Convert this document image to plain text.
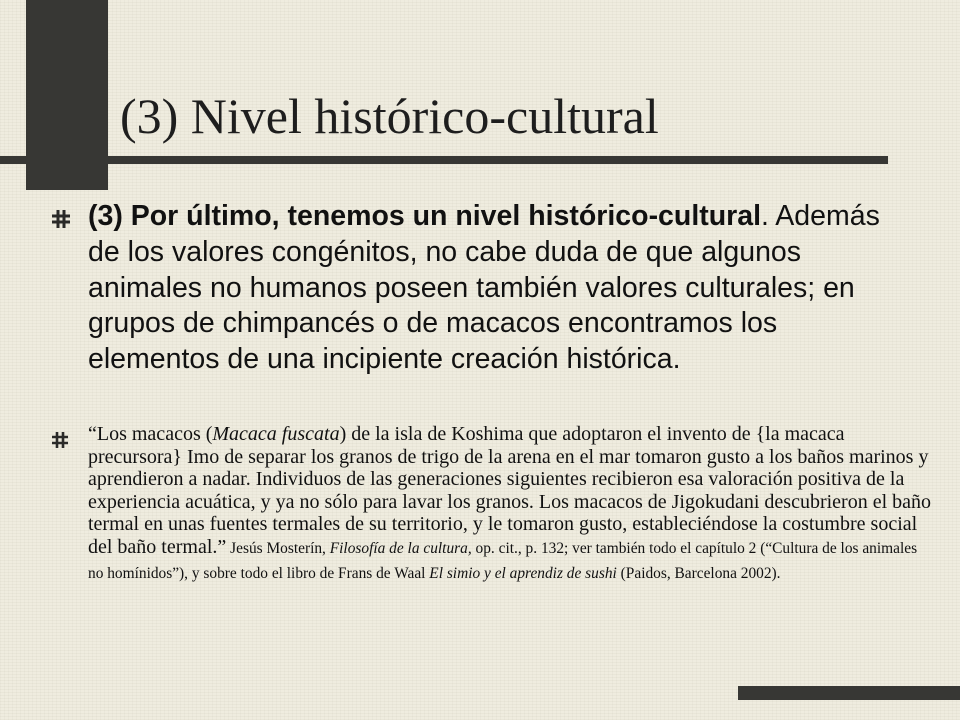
(3) Nivel histórico-cultural

(3) Por último, tenemos un nivel histórico-cultural. Además de los valores congénitos, no cabe duda de que algunos animales no humanos poseen también valores culturales; en grupos de chimpancés o de macacos encontramos los elementos de una incipiente creación histórica.

“Los macacos (Macaca fuscata) de la isla de Koshima que adoptaron el invento de {la macaca precursora} Imo de separar los granos de trigo de la arena en el mar tomaron gusto a los baños marinos y aprendieron a nadar. Individuos de las generaciones siguientes recibieron esa valoración positiva de la experiencia acuática, y ya no sólo para lavar los granos. Los macacos de Jigokudani descubrieron el baño termal en unas fuentes termales de su territorio, y le tomaron gusto, estableciéndose la costumbre social del baño termal.” Jesús Mosterín, Filosofía de la cultura, op. cit., p. 132; ver también todo el capítulo 2 (“Cultura de los animales no homínidos”), y sobre todo el libro de Frans de Waal El simio y el aprendiz de sushi (Paidos, Barcelona 2002).
